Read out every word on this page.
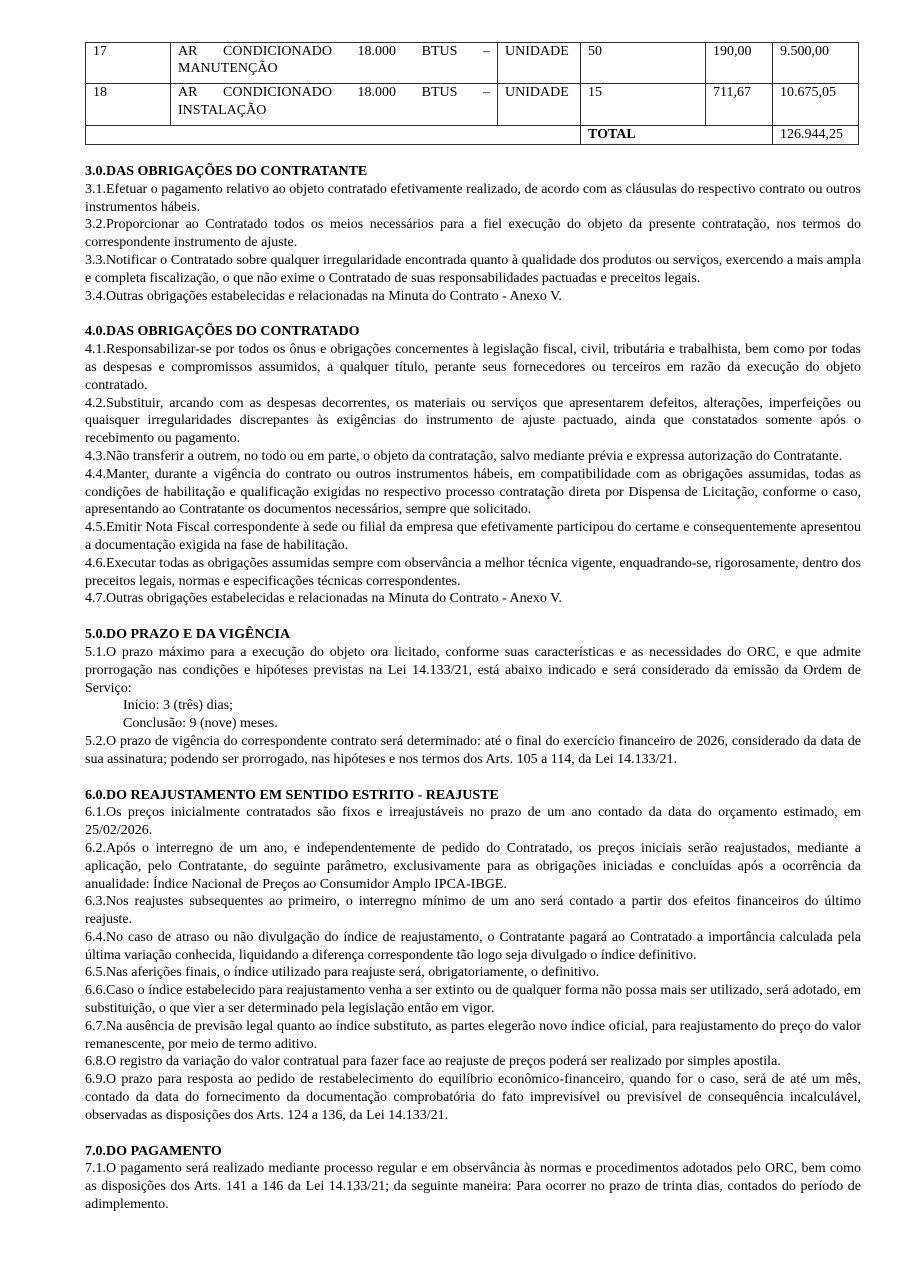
17	AR CONDICIONADO 18.000 BTUS –
MANUTENÇÃO	UNIDADE	50	190,00	9.500,00
18	AR CONDICIONADO 18.000 BTUS –
INSTALAÇÃO	UNIDADE	15	711,67	10.675,05
			TOTAL		126.944,25

3.0.DAS OBRIGAÇÕES DO CONTRATANTE

3.1.Efetuar o pagamento relativo ao objeto contratado efetivamente realizado, de acordo com as cláusulas do respectivo contrato ou outros instrumentos hábeis.

3.2.Proporcionar ao Contratado todos os meios necessários para a fiel execução do objeto da presente contratação, nos termos do correspondente instrumento de ajuste.

3.3.Notificar o Contratado sobre qualquer irregularidade encontrada quanto à qualidade dos produtos ou serviços, exercendo a mais ampla e completa fiscalização, o que não exime o Contratado de suas responsabilidades pactuadas e preceitos legais.

3.4.Outras obrigações estabelecidas e relacionadas na Minuta do Contrato - Anexo V.

4.0.DAS OBRIGAÇÕES DO CONTRATADO

4.1.Responsabilizar-se por todos os ônus e obrigações concernentes à legislação fiscal, civil, tributária e trabalhista, bem como por todas as despesas e compromissos assumidos, a qualquer título, perante seus fornecedores ou terceiros em razão da execução do objeto contratado.

4.2.Substituir, arcando com as despesas decorrentes, os materiais ou serviços que apresentarem defeitos, alterações, imperfeições ou quaisquer irregularidades discrepantes às exigências do instrumento de ajuste pactuado, ainda que constatados somente após o recebimento ou pagamento.

4.3.Não transferir a outrem, no todo ou em parte, o objeto da contratação, salvo mediante prévia e expressa autorização do Contratante.

4.4.Manter, durante a vigência do contrato ou outros instrumentos hábeis, em compatibilidade com as obrigações assumidas, todas as condições de habilitação e qualificação exigidas no respectivo processo contratação direta por Dispensa de Licitação, conforme o caso, apresentando ao Contratante os documentos necessários, sempre que solicitado.

4.5.Emitir Nota Fiscal correspondente à sede ou filial da empresa que efetivamente participou do certame e consequentemente apresentou a documentação exigida na fase de habilitação.

4.6.Executar todas as obrigações assumidas sempre com observância a melhor técnica vigente, enquadrando-se, rigorosamente, dentro dos preceitos legais, normas e especificações técnicas correspondentes.

4.7.Outras obrigações estabelecidas e relacionadas na Minuta do Contrato - Anexo V.

5.0.DO PRAZO E DA VIGÊNCIA

5.1.O prazo máximo para a execução do objeto ora licitado, conforme suas características e as necessidades do ORC, e que admite prorrogação nas condições e hipóteses previstas na Lei 14.133/21, está abaixo indicado e será considerado da emissão da Ordem de Serviço:

Início: 3 (três) dias;

Conclusão: 9 (nove) meses.

5.2.O prazo de vigência do correspondente contrato será determinado: até o final do exercício financeiro de 2026, considerado da data de sua assinatura; podendo ser prorrogado, nas hipóteses e nos termos dos Arts. 105 a 114, da Lei 14.133/21.

6.0.DO REAJUSTAMENTO EM SENTIDO ESTRITO - REAJUSTE

6.1.Os preços inicialmente contratados são fixos e irreajustáveis no prazo de um ano contado da data do orçamento estimado, em 25/02/2026.

6.2.Após o interregno de um ano, e independentemente de pedido do Contratado, os preços iniciais serão reajustados, mediante a aplicação, pelo Contratante, do seguinte parâmetro, exclusivamente para as obrigações iniciadas e concluídas após a ocorrência da anualidade: Índice Nacional de Preços ao Consumidor Amplo IPCA-IBGE.

6.3.Nos reajustes subsequentes ao primeiro, o interregno mínimo de um ano será contado a partir dos efeitos financeiros do último reajuste.

6.4.No caso de atraso ou não divulgação do índice de reajustamento, o Contratante pagará ao Contratado a importância calculada pela última variação conhecida, liquidando a diferença correspondente tão logo seja divulgado o índice definitivo.

6.5.Nas aferições finais, o índice utilizado para reajuste será, obrigatoriamente, o definitivo.

6.6.Caso o índice estabelecido para reajustamento venha a ser extinto ou de qualquer forma não possa mais ser utilizado, será adotado, em substituição, o que vier a ser determinado pela legislação então em vigor.

6.7.Na ausência de previsão legal quanto ao índice substituto, as partes elegerão novo índice oficial, para reajustamento do preço do valor remanescente, por meio de termo aditivo.

6.8.O registro da variação do valor contratual para fazer face ao reajuste de preços poderá ser realizado por simples apostila.

6.9.O prazo para resposta ao pedido de restabelecimento do equilíbrio econômico-financeiro, quando for o caso, será de até um mês, contado da data do fornecimento da documentação comprobatória do fato imprevisível ou previsível de consequência incalculável, observadas as disposições dos Arts. 124 a 136, da Lei 14.133/21.

7.0.DO PAGAMENTO

7.1.O pagamento será realizado mediante processo regular e em observância às normas e procedimentos adotados pelo ORC, bem como as disposições dos Arts. 141 a 146 da Lei 14.133/21; da seguinte maneira: Para ocorrer no prazo de trinta dias, contados do período de adimplemento.
